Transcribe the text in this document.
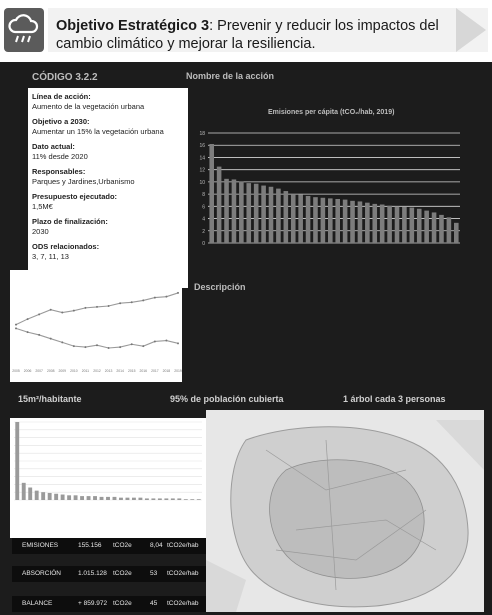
Objetivo Estratégico 3: Prevenir y reducir los impactos del cambio climático y mejorar la resiliencia.
CÓDIGO 3.2.2	Nombre de la acción
Descripción
Línea de acción:
Aumento de la vegetación urbana
Objetivo a 2030:
Aumentar un 15% la vegetación urbana
Dato actual:
11% desde 2020
Responsables:
Parques y Jardines,Urbanismo
Presupuesto ejecutado:
1,5M€
Plazo de finalización:
2030
ODS relacionados:
3, 7, 11, 13
2005 2006 2007 2008 2009 2010 2011 2012 2013 2014 2015 2016 2017 2018 2019
Emisiones per cápita (tCO₂/hab, 2019)
0
2
4
6
8
10
12
14
16
18
15m²/habitante	95% de población cubierta	1 árbol cada 3 personas
EMISIONES	155.156 tCO2e	8,04 tCO2e/hab
ABSORCIÓN	1.015.128 tCO2e	53 tCO2e/hab
BALANCE	+ 859.972 tCO2e	45 tCO2e/hab
